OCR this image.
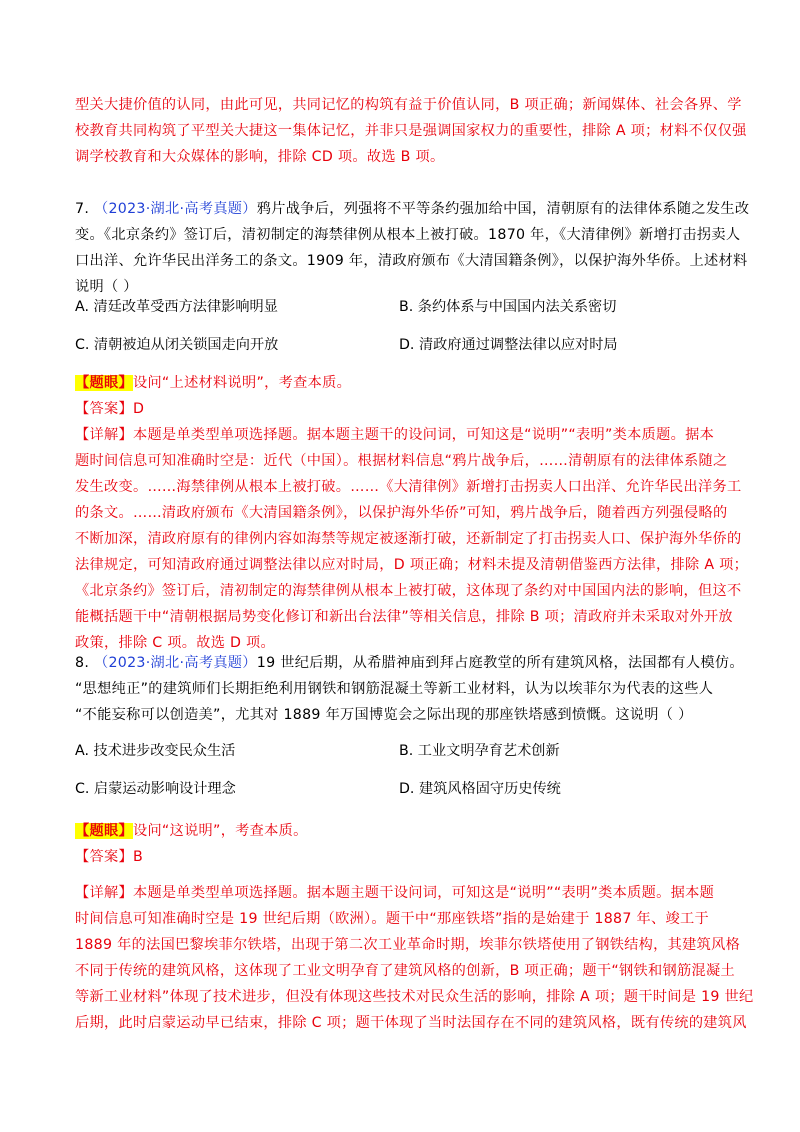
型关大捷价值的认同，由此可见，共同记忆的构筑有益于价值认同，B 项正确；新闻媒体、社会各界、学
校教育共同构筑了平型关大捷这一集体记忆，并非只是强调国家权力的重要性，排除 A 项；材料不仅仅强
调学校教育和大众媒体的影响，排除 CD 项。故选 B 项。
7. （2023·湖北·高考真题）鸦片战争后，列强将不平等条约强加给中国，清朝原有的法律体系随之发生改
变。《北京条约》签订后，清初制定的海禁律例从根本上被打破。1870 年，《大清律例》新增打击拐卖人
口出洋、允许华民出洋务工的条文。1909 年，清政府颁布《大清国籍条例》，以保护海外华侨。上述材料
说明（ ）
A. 清廷改革受西方法律影响明显	B. 条约体系与中国国内法关系密切
C. 清朝被迫从闭关锁国走向开放	D. 清政府通过调整法律以应对时局
【题眼】设问“上述材料说明”，考查本质。
【答案】D
【详解】本题是单类型单项选择题。据本题主题干的设问词，可知这是“说明”“表明”类本质题。据本
题时间信息可知准确时空是：近代（中国）。根据材料信息“鸦片战争后，……清朝原有的法律体系随之
发生改变。……海禁律例从根本上被打破。……《大清律例》新增打击拐卖人口出洋、允许华民出洋务工
的条文。……清政府颁布《大清国籍条例》，以保护海外华侨”可知，鸦片战争后，随着西方列强侵略的
不断加深，清政府原有的律例内容如海禁等规定被逐渐打破，还新制定了打击拐卖人口、保护海外华侨的
法律规定，可知清政府通过调整法律以应对时局，D 项正确；材料未提及清朝借鉴西方法律，排除 A 项；
《北京条约》签订后，清初制定的海禁律例从根本上被打破，这体现了条约对中国国内法的影响，但这不
能概括题干中“清朝根据局势变化修订和新出台法律”等相关信息，排除 B 项；清政府并未采取对外开放
政策，排除 C 项。故选 D 项。
8. （2023·湖北·高考真题）19 世纪后期，从希腊神庙到拜占庭教堂的所有建筑风格，法国都有人模仿。
“思想纯正”的建筑师们长期拒绝利用钢铁和钢筋混凝土等新工业材料，认为以埃菲尔为代表的这些人
“不能妄称可以创造美”，尤其对 1889 年万国博览会之际出现的那座铁塔感到愤慨。这说明（ ）
A. 技术进步改变民众生活	B. 工业文明孕育艺术创新
C. 启蒙运动影响设计理念	D. 建筑风格固守历史传统
【题眼】设问“这说明”，考查本质。
【答案】B
【详解】本题是单类型单项选择题。据本题主题干设问词，可知这是“说明”“表明”类本质题。据本题
时间信息可知准确时空是 19 世纪后期（欧洲）。题干中“那座铁塔”指的是始建于 1887 年、竣工于
1889 年的法国巴黎埃菲尔铁塔，出现于第二次工业革命时期，埃菲尔铁塔使用了钢铁结构，其建筑风格
不同于传统的建筑风格，这体现了工业文明孕育了建筑风格的创新，B 项正确；题干“钢铁和钢筋混凝土
等新工业材料”体现了技术进步，但没有体现这些技术对民众生活的影响，排除 A 项；题干时间是 19 世纪
后期，此时启蒙运动早已结束，排除 C 项；题干体现了当时法国存在不同的建筑风格，既有传统的建筑风
